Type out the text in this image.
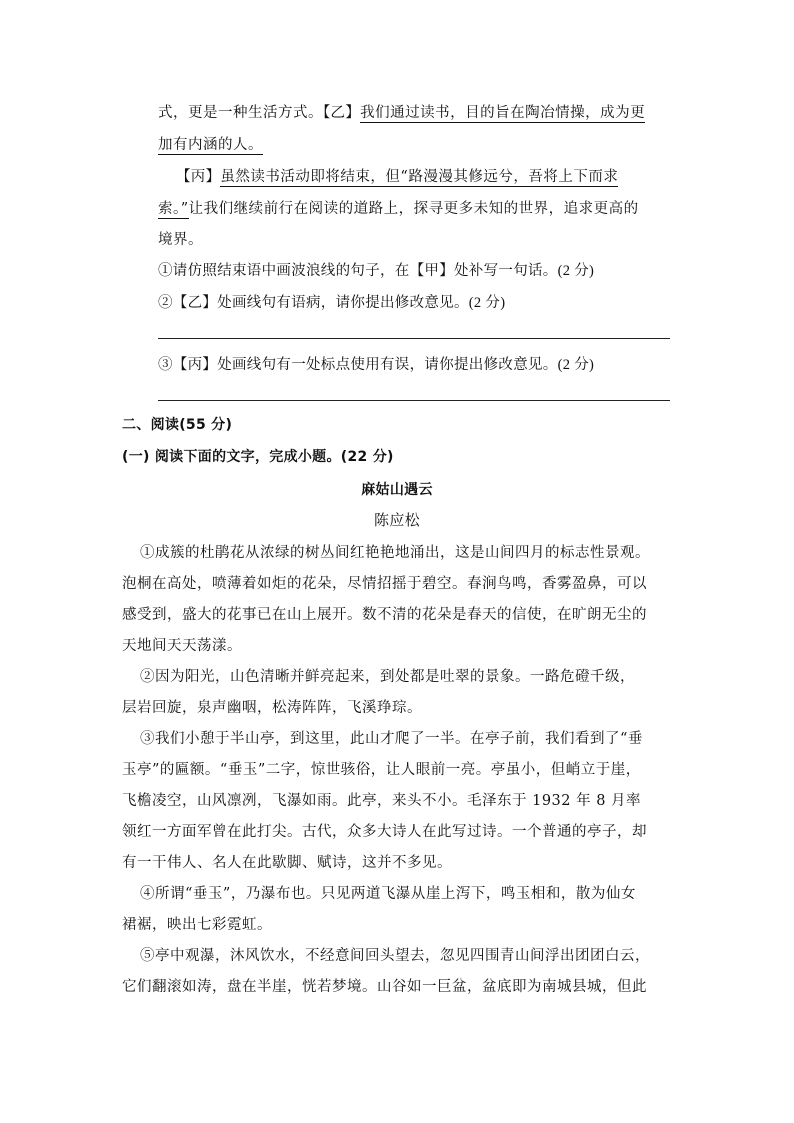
式，更是一种生活方式。【乙】我们通过读书，目的旨在陶冶情操，成为更
加有内涵的人。
【丙】虽然读书活动即将结束，但“路漫漫其修远兮，吾将上下而求
索。”让我们继续前行在阅读的道路上，探寻更多未知的世界，追求更高的
境界。
①请仿照结束语中画波浪线的句子，在【甲】处补写一句话。(2 分)
②【乙】处画线句有语病，请你提出修改意见。(2 分)
③【丙】处画线句有一处标点使用有误，请你提出修改意见。(2 分)
二、阅读(55 分)
(一) 阅读下面的文字，完成小题。(22 分)
麻姑山遇云
陈应松
①成簇的杜鹃花从浓绿的树丛间红艳艳地涌出，这是山间四月的标志性景观。
泡桐在高处，喷薄着如炬的花朵，尽情招摇于碧空。春涧鸟鸣，香雾盈鼻，可以
感受到，盛大的花事已在山上展开。数不清的花朵是春天的信使，在旷朗无尘的
天地间天天荡漾。
②因为阳光，山色清晰并鲜亮起来，到处都是吐翠的景象。一路危磴千级，
层岩回旋，泉声幽咽，松涛阵阵，飞溪琤琮。
③我们小憩于半山亭，到这里，此山才爬了一半。在亭子前，我们看到了“垂
玉亭”的匾额。“垂玉”二字，惊世骇俗，让人眼前一亮。亭虽小，但峭立于崖，
飞檐凌空，山风凛冽，飞瀑如雨。此亭，来头不小。毛泽东于 1932 年 8 月率
领红一方面军曾在此打尖。古代，众多大诗人在此写过诗。一个普通的亭子，却
有一干伟人、名人在此歇脚、赋诗，这并不多见。
④所谓“垂玉”，乃瀑布也。只见两道飞瀑从崖上泻下，鸣玉相和，散为仙女
裙裾，映出七彩霓虹。
⑤亭中观瀑，沐风饮水，不经意间回头望去，忽见四围青山间浮出团团白云，
它们翻滚如涛，盘在半崖，恍若梦境。山谷如一巨盆，盆底即为南城县城，但此
